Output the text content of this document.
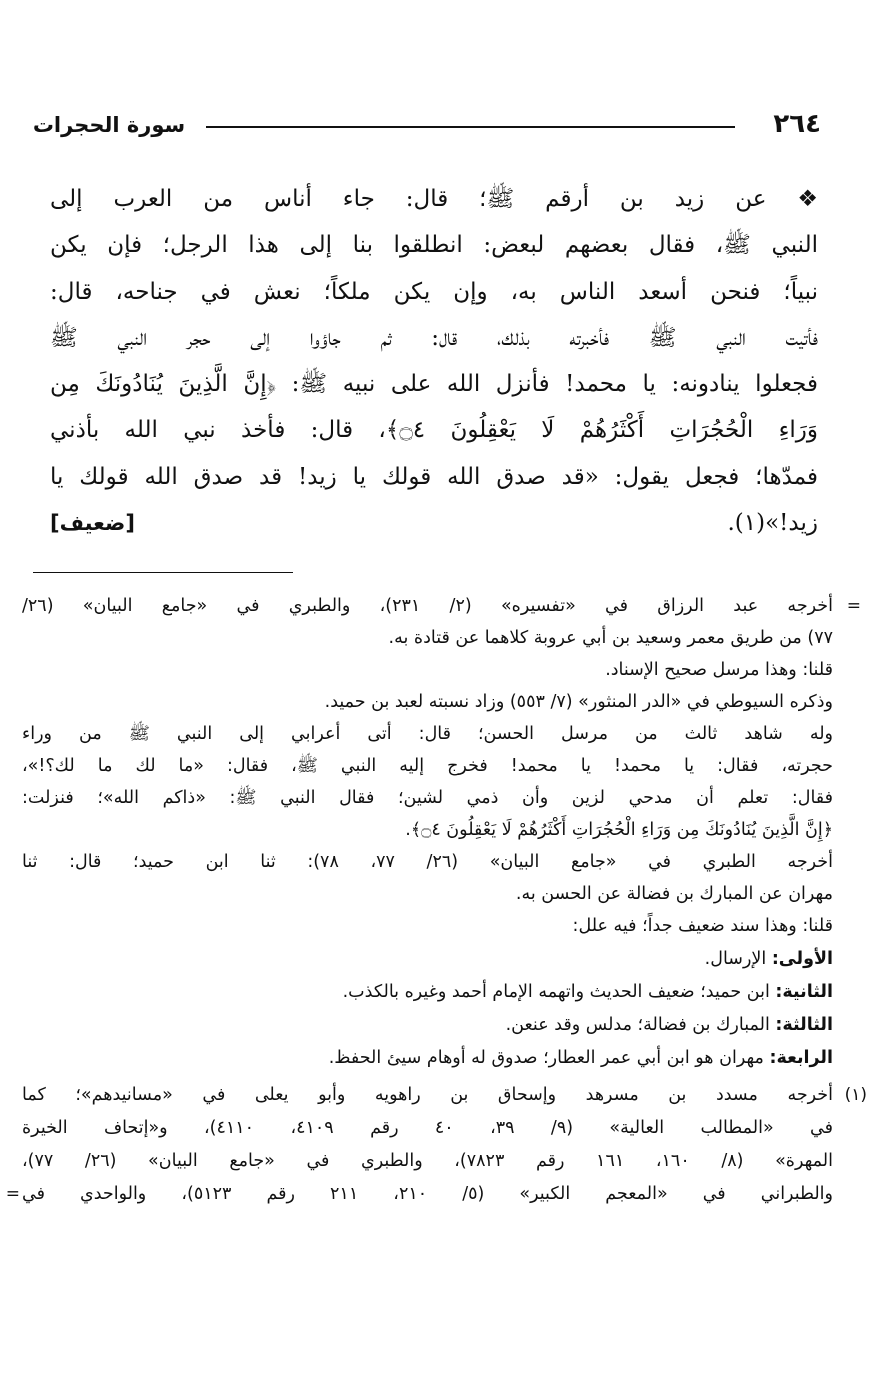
٢٦٤
سورة الحجرات
❖ عن زيد بن أرقم ﷺ؛ قال: جاء أناس من العرب إلى
النبي ﷺ، فقال بعضهم لبعض: انطلقوا بنا إلى هذا الرجل؛ فإن يكن
نبياً؛ فنحن أسعد الناس به، وإن يكن ملكاً؛ نعش في جناحه، قال:
فأتيت النبي ﷺ فأخبرته بذلك، قال: ثم جاؤوا إلى حجر النبي ﷺ
فجعلوا ينادونه: يا محمد! فأنزل الله على نبيه ﷺ: ﴿إِنَّ الَّذِينَ يُنَادُونَكَ مِن
وَرَاءِ الْحُجُرَاتِ أَكْثَرُهُمْ لَا يَعْقِلُونَ ۝٤﴾، قال: فأخذ نبي الله بأذني
فمدّها؛ فجعل يقول: «قد صدق الله قولك يا زيد! قد صدق الله قولك يا
زيد!»(١).
[ضعيف]
=
أخرجه عبد الرزاق في «تفسيره» (٢/ ٢٣١)، والطبري في «جامع البيان» (٢٦/
٧٧) من طريق معمر وسعيد بن أبي عروبة كلاهما عن قتادة به.
قلنا: وهذا مرسل صحيح الإسناد.
وذكره السيوطي في «الدر المنثور» (٧/ ٥٥٣) وزاد نسبته لعبد بن حميد.
وله شاهد ثالث من مرسل الحسن؛ قال: أتى أعرابي إلى النبي ﷺ من وراء
حجرته، فقال: يا محمد! يا محمد! فخرج إليه النبي ﷺ، فقال: «ما لك ما لك؟!»،
فقال: تعلم أن مدحي لزين وأن ذمي لشين؛ فقال النبي ﷺ: «ذاكم الله»؛ فنزلت:
﴿إِنَّ الَّذِينَ يُنَادُونَكَ مِن وَرَاءِ الْحُجُرَاتِ أَكْثَرُهُمْ لَا يَعْقِلُونَ ۝٤﴾.
أخرجه الطبري في «جامع البيان» (٢٦/ ٧٧، ٧٨): ثنا ابن حميد؛ قال: ثنا
مهران عن المبارك بن فضالة عن الحسن به.
قلنا: وهذا سند ضعيف جداً؛ فيه علل:
الأولى: الإرسال.
الثانية: ابن حميد؛ ضعيف الحديث واتهمه الإمام أحمد وغيره بالكذب.
الثالثة: المبارك بن فضالة؛ مدلس وقد عنعن.
الرابعة: مهران هو ابن أبي عمر العطار؛ صدوق له أوهام سيئ الحفظ.
(١)
أخرجه مسدد بن مسرهد وإسحاق بن راهويه وأبو يعلى في «مسانيدهم»؛ كما
في «المطالب العالية» (٩/ ٣٩، ٤٠ رقم ٤١٠٩، ٤١١٠)، و«إتحاف الخيرة
المهرة» (٨/ ١٦٠، ١٦١ رقم ٧٨٢٣)، والطبري في «جامع البيان» (٢٦/ ٧٧)،
والطبراني في «المعجم الكبير» (٥/ ٢١٠، ٢١١ رقم ٥١٢٣)، والواحدي في
=
